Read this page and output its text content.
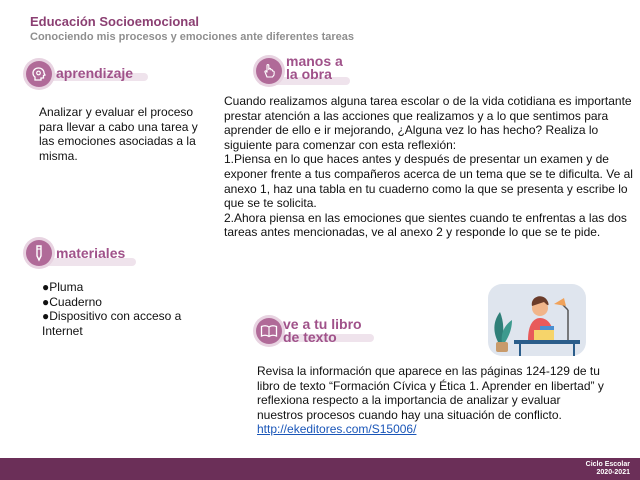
Educación Socioemocional
Conociendo mis procesos y emociones ante diferentes tareas
aprendizaje
Analizar y evaluar el proceso para llevar a cabo una tarea y las emociones asociadas a la misma.
materiales
●Pluma
●Cuaderno
●Dispositivo con acceso a Internet
manos a
la obra

Cuando realizamos alguna tarea escolar o de la vida cotidiana es importante prestar atención a las acciones que realizamos y a lo que sentimos para aprender de ello e ir mejorando, ¿Alguna vez lo has hecho? Realiza lo siguiente para comenzar con esta reflexión:

1.Piensa en lo que haces antes y después de presentar un examen y de exponer frente a tus compañeros acerca de un tema que se te dificulta. Ve al anexo 1, haz una tabla en tu cuaderno como la que se presenta y escribe lo que se te solicita.

2.Ahora piensa en las emociones que sientes cuando te enfrentas a las dos tareas antes mencionadas, ve al anexo 2 y responde lo que se te pide.

ve a tu libro
de texto

Revisa la información que aparece en las páginas 124-129 de tu libro de texto “Formación Cívica y Ética 1. Aprender en libertad” y reflexiona respecto a la importancia de analizar y evaluar nuestros procesos cuando hay una situación de conflicto.

http://ekeditores.com/S15006/
Ciclo Escolar
2020-2021
